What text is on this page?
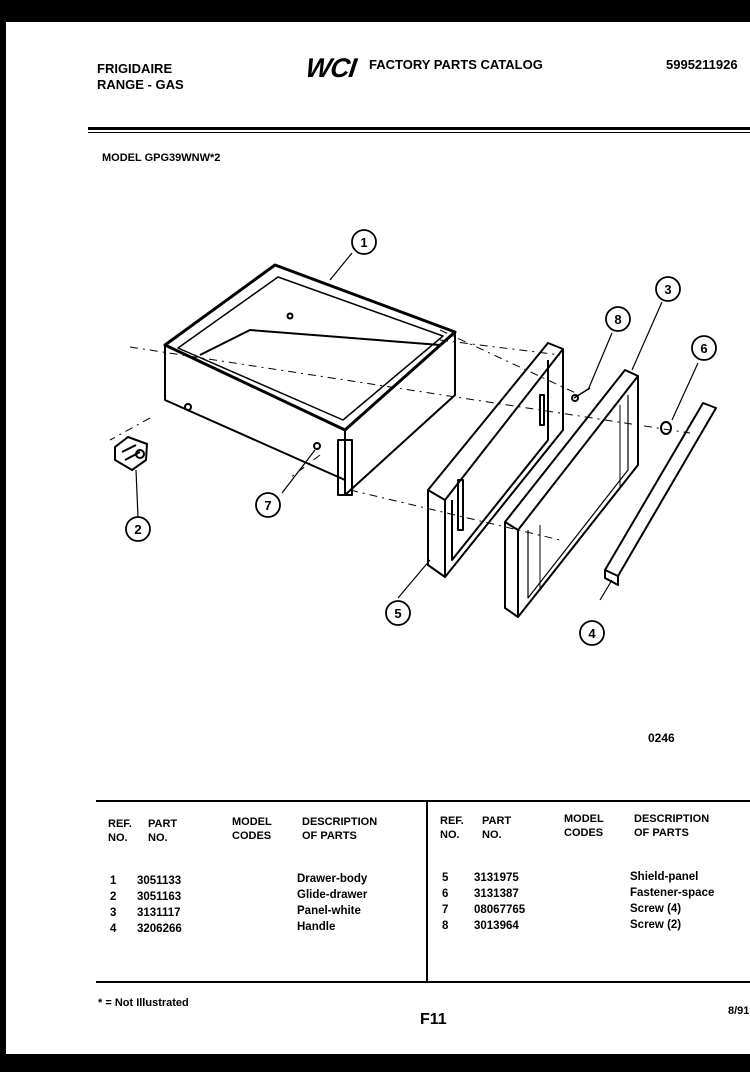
FRIGIDAIRE
RANGE - GAS
WCI FACTORY PARTS CATALOG	5995211926
MODEL GPG39WNW*2
1
2
3
4
5
6
7
8
0246
REF.
NO.
PART
NO.
MODEL
CODES
DESCRIPTION
OF PARTS
1 3051133	Drawer-body
2 3051163	Glide-drawer
3 3131117	Panel-white
4 3206266	Handle
REF.
NO.
PART
NO.
MODEL
CODES
DESCRIPTION
OF PARTS
5 3131975	Shield-panel
6 3131387	Fastener-space
7 08067765	Screw (4)
8 3013964	Screw (2)
* = Not Illustrated
F11	8/91
